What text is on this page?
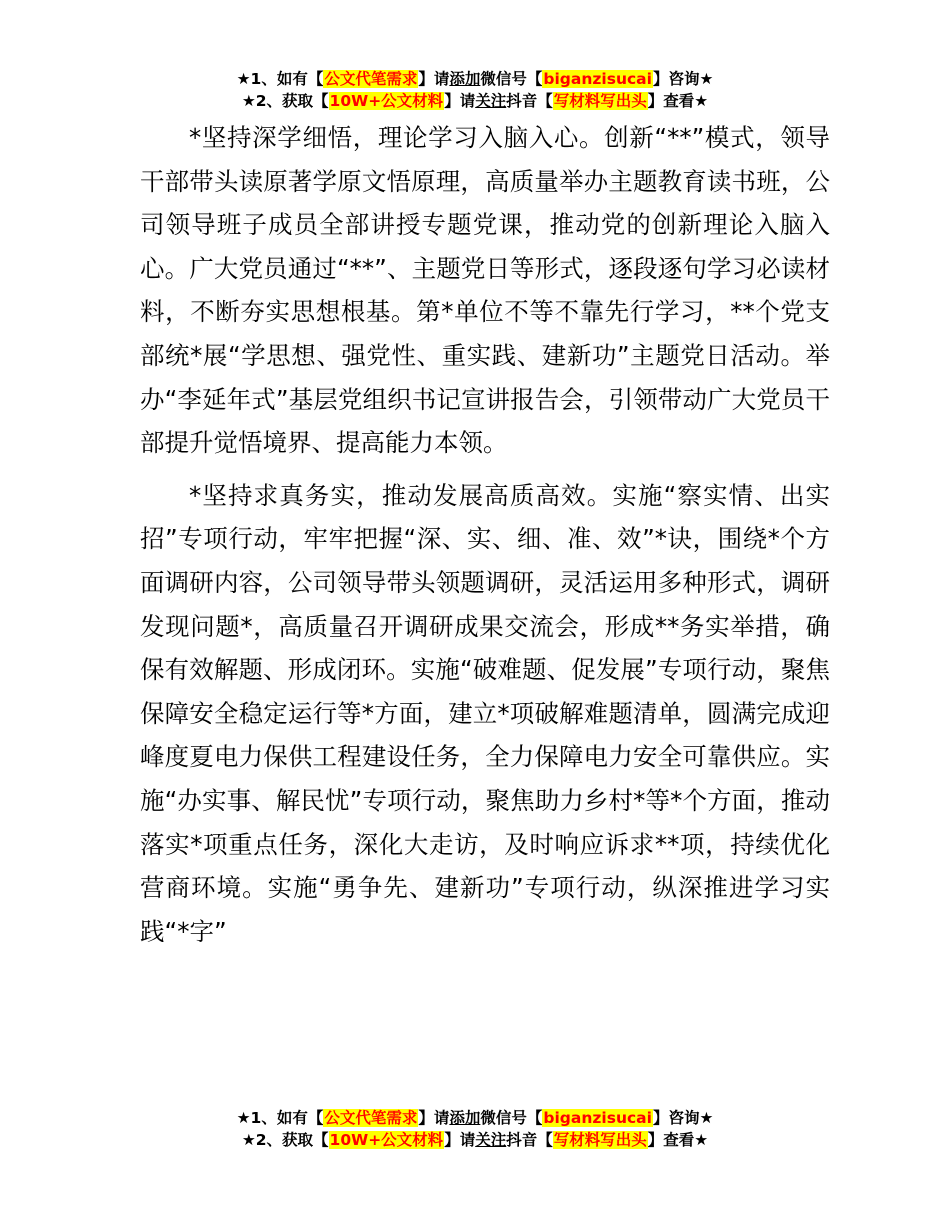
★1、如有【公文代笔需求】请添加微信号【biganzisucai】咨询★
★2、获取【10W+公文材料】请关注抖音【写材料写出头】查看★

*坚持深学细悟，理论学习入脑入心。创新“**”模式，领导干部带头读原著学原文悟原理，高质量举办主题教育读书班，公司领导班子成员全部讲授专题党课，推动党的创新理论入脑入心。广大党员通过“**”、主题党日等形式，逐段逐句学习必读材料，不断夯实思想根基。第*单位不等不靠先行学习，**个党支部统*展“学思想、强党性、重实践、建新功”主题党日活动。举办“李延年式”基层党组织书记宣讲报告会，引领带动广大党员干部提升觉悟境界、提高能力本领。

*坚持求真务实，推动发展高质高效。实施“察实情、出实招”专项行动，牢牢把握“深、实、细、准、效”*诀，围绕*个方面调研内容，公司领导带头领题调研，灵活运用多种形式，调研发现问题*，高质量召开调研成果交流会，形成**务实举措，确保有效解题、形成闭环。实施“破难题、促发展”专项行动，聚焦保障安全稳定运行等*方面，建立*项破解难题清单，圆满完成迎峰度夏电力保供工程建设任务，全力保障电力安全可靠供应。实施“办实事、解民忧”专项行动，聚焦助力乡村*等*个方面，推动落实*项重点任务，深化大走访，及时响应诉求**项，持续优化营商环境。实施“勇争先、建新功”专项行动，纵深推进学习实践“*字”

★1、如有【公文代笔需求】请添加微信号【biganzisucai】咨询★
★2、获取【10W+公文材料】请关注抖音【写材料写出头】查看★
